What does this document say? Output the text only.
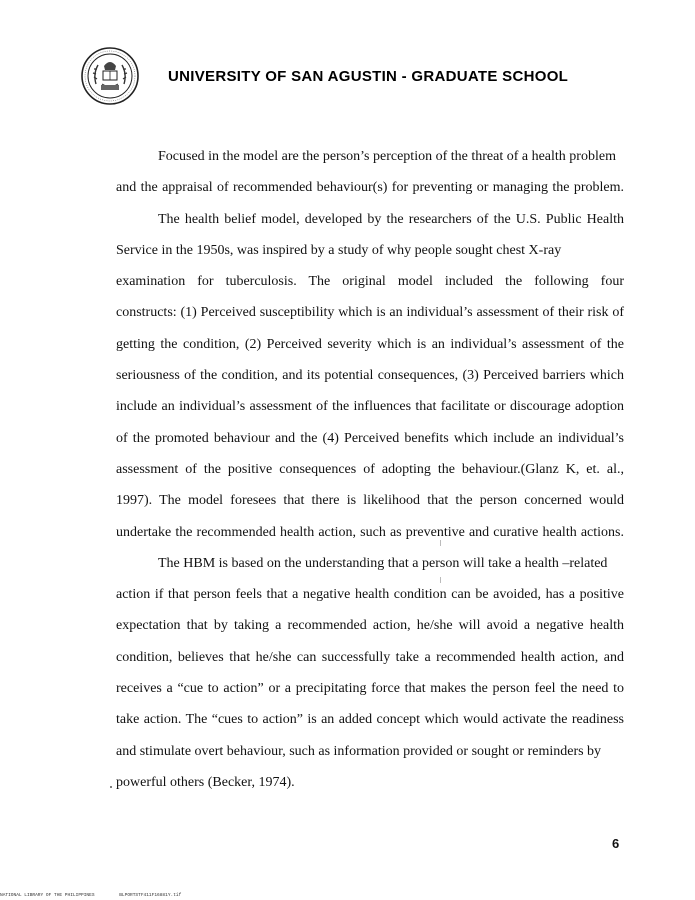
UNIVERSITY OF SAN AGUSTIN - GRADUATE SCHOOL
Focused in the model are the person’s perception of the threat of a health problem
and the appraisal of recommended behaviour(s) for preventing or managing the problem.
The health belief model, developed by the researchers of the U.S. Public Health
Service in the 1950s, was inspired by a study of why people sought chest X-ray
examination for tuberculosis. The original model included the following four
constructs: (1) Perceived susceptibility which is an individual’s assessment of their risk of
getting the condition, (2) Perceived severity which is an individual’s assessment of the
seriousness of the condition, and its potential consequences, (3) Perceived barriers which
include an individual’s assessment of the influences that facilitate or discourage adoption
of the promoted behaviour and the (4) Perceived benefits which include an individual’s
assessment of the positive consequences of adopting the behaviour.(Glanz K, et. al.,
1997). The model foresees that there is likelihood that the person concerned would
undertake the recommended health action, such as preventive and curative health actions.
The HBM is based on the understanding that a person will take a health –related
action if that person feels that a negative health condition can be avoided, has a positive
expectation that by taking a recommended action, he/she will avoid a negative health
condition, believes that he/she can successfully take a recommended health action, and
receives a “cue to action” or a precipitating force that makes the person feel the need to
take action. The “cues to action” is an added concept which would activate the readiness
and stimulate overt behaviour, such as information provided or sought or reminders by
powerful others (Becker, 1974).
6
NATIONAL LIBRARY OF THE PHILIPPINES	BLPORTSTF411F16881Y.tif
